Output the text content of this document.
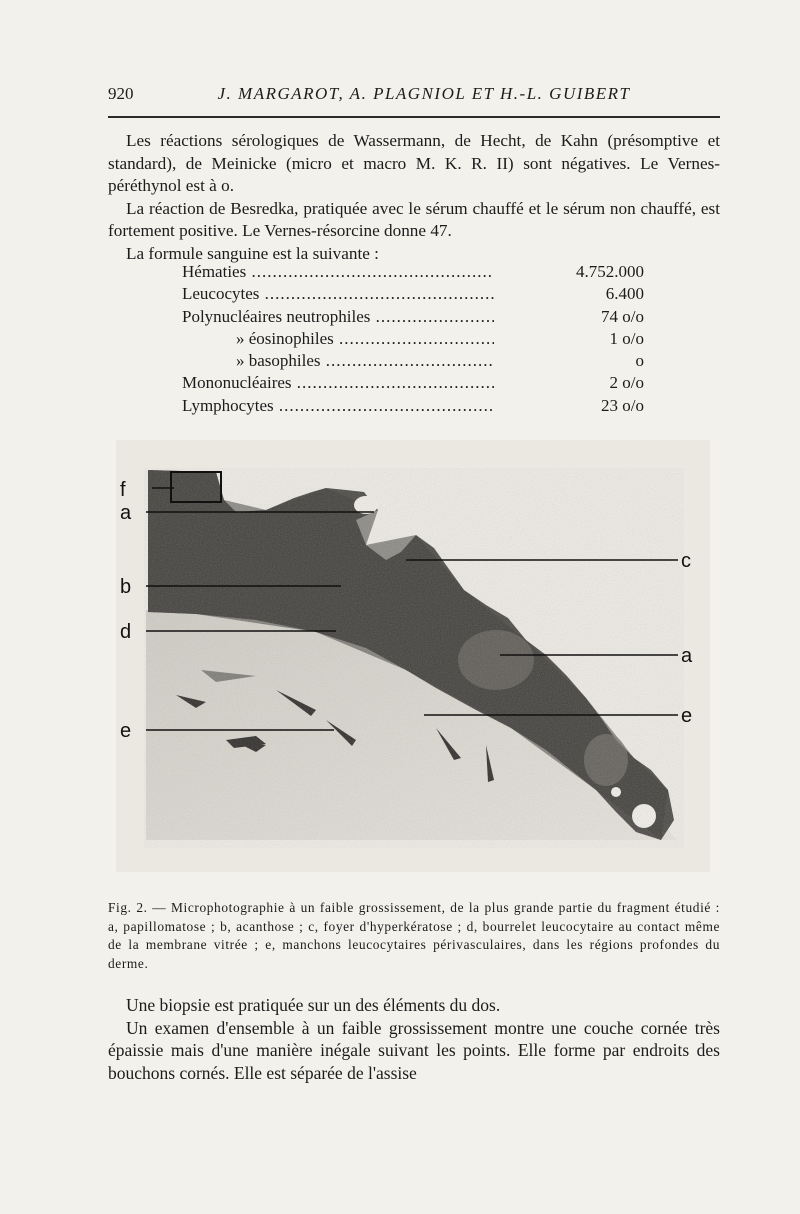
920	J. MARGAROT, A. PLAGNIOL ET H.-L. GUIBERT

Les réactions sérologiques de Wassermann, de Hecht, de Kahn (présomptive et standard), de Meinicke (micro et macro M. K. R. II) sont négatives. Le Vernes-péréthynol est à o.

La réaction de Besredka, pratiquée avec le sérum chauffé et le sérum non chauffé, est fortement positive. Le Vernes-résorcine donne 47.

La formule sanguine est la suivante :

Hématies .....	4.752.000
Leucocytes .....	6.400
Polynucléaires neutrophiles .....	74 o/o
» éosinophiles .....	1 o/o
» basophiles .....	o
Mononucléaires .....	2 o/o
Lymphocytes .....	23 o/o
f
a
b
d
e
c
a
e
Fig. 2. — Microphotographie à un faible grossissement, de la plus grande partie du fragment étudié : a, papillomatose ; b, acanthose ; c, foyer d'hyperkératose ; d, bourrelet leucocytaire au contact même de la membrane vitrée ; e, manchons leucocytaires périvasculaires, dans les régions profondes du derme.

Une biopsie est pratiquée sur un des éléments du dos.

Un examen d'ensemble à un faible grossissement montre une couche cornée très épaissie mais d'une manière inégale suivant les points. Elle forme par endroits des bouchons cornés. Elle est séparée de l'assise
